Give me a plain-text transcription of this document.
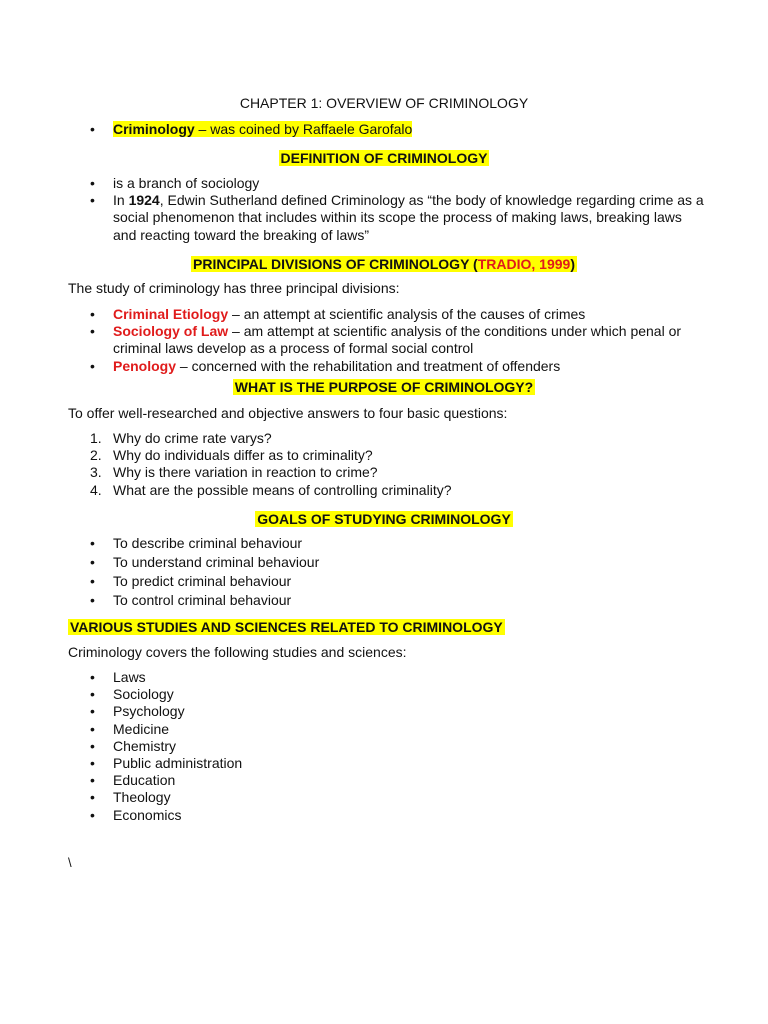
CHAPTER 1: OVERVIEW OF CRIMINOLOGY
• Criminology – was coined by Raffaele Garofalo
DEFINITION OF CRIMINOLOGY
• is a branch of sociology
• In 1924, Edwin Sutherland defined Criminology as “the body of knowledge regarding crime as a social phenomenon that includes within its scope the process of making laws, breaking laws and reacting toward the breaking of laws”
PRINCIPAL DIVISIONS OF CRIMINOLOGY (TRADIO, 1999)
The study of criminology has three principal divisions:
• Criminal Etiology – an attempt at scientific analysis of the causes of crimes
• Sociology of Law – am attempt at scientific analysis of the conditions under which penal or criminal laws develop as a process of formal social control
• Penology – concerned with the rehabilitation and treatment of offenders
WHAT IS THE PURPOSE OF CRIMINOLOGY?
To offer well-researched and objective answers to four basic questions:
1. Why do crime rate varys?
2. Why do individuals differ as to criminality?
3. Why is there variation in reaction to crime?
4. What are the possible means of controlling criminality?
GOALS OF STUDYING CRIMINOLOGY
• To describe criminal behaviour
• To understand criminal behaviour
• To predict criminal behaviour
• To control criminal behaviour
VARIOUS STUDIES AND SCIENCES RELATED TO CRIMINOLOGY
Criminology covers the following studies and sciences:
• Laws
• Sociology
• Psychology
• Medicine
• Chemistry
• Public administration
• Education
• Theology
• Economics
\
